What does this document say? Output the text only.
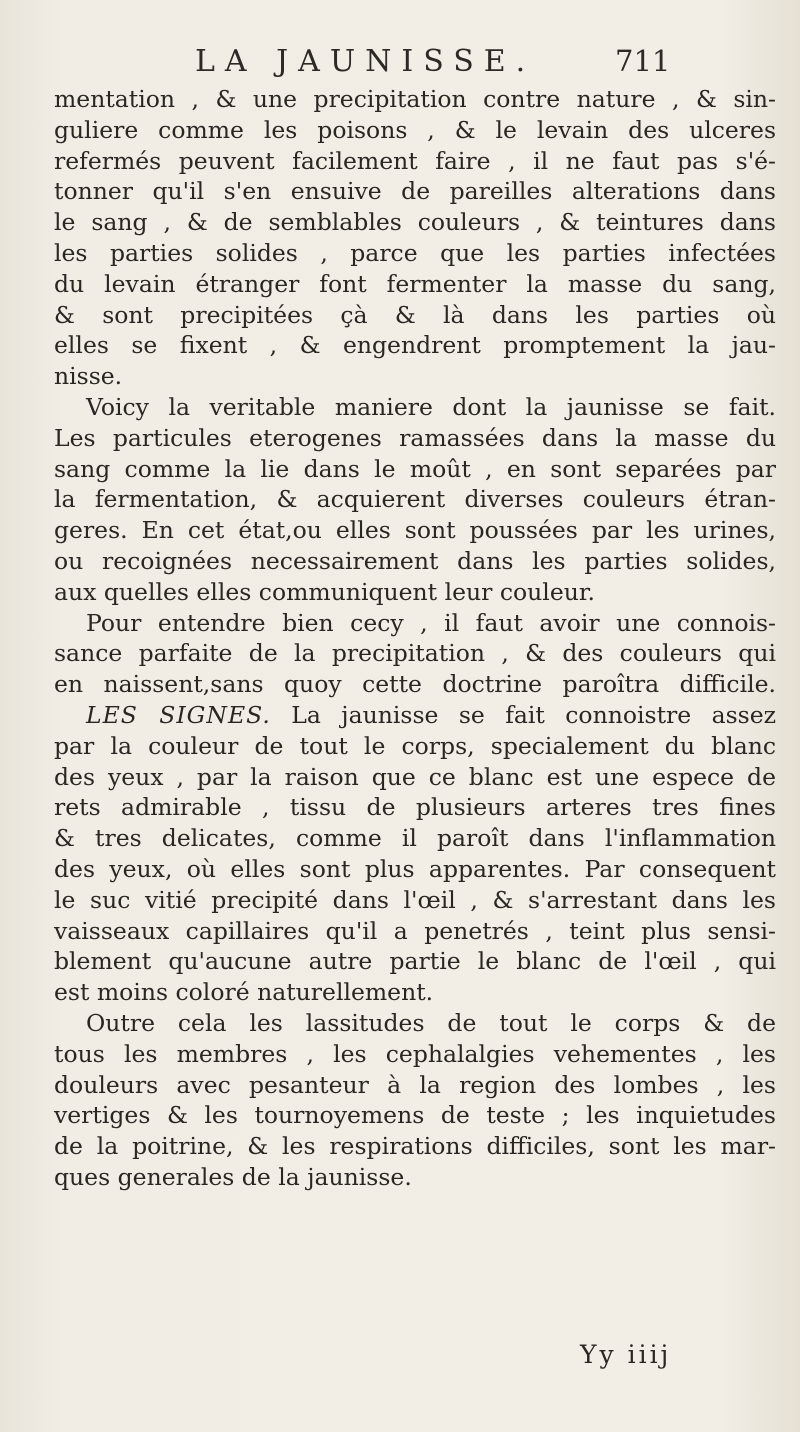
LA JAUNISSE.	711
mentation , & une precipitation contre nature , & sin-
guliere comme les poisons , & le levain des ulceres
refermés peuvent facilement faire , il ne faut pas s'é-
tonner qu'il s'en ensuive de pareilles alterations dans
le sang , & de semblables couleurs , & teintures dans
les parties solides , parce que les parties infectées
du levain étranger font fermenter la masse du sang,
& sont precipitées çà & là dans les parties où
elles se fixent , & engendrent promptement la jau-
nisse.
Voicy la veritable maniere dont la jaunisse se fait.
Les particules eterogenes ramassées dans la masse du
sang comme la lie dans le moût , en sont separées par
la fermentation, & acquierent diverses couleurs étran-
geres. En cet état,ou elles sont poussées par les urines,
ou recoignées necessairement dans les parties solides,
aux quelles elles communiquent leur couleur.
Pour entendre bien cecy , il faut avoir une connois-
sance parfaite de la precipitation , & des couleurs qui
en naissent,sans quoy cette doctrine paroîtra difficile.
LES SIGNES. La jaunisse se fait connoistre assez
par la couleur de tout le corps, specialement du blanc
des yeux , par la raison que ce blanc est une espece de
rets admirable , tissu de plusieurs arteres tres fines
& tres delicates, comme il paroît dans l'inflammation
des yeux, où elles sont plus apparentes. Par consequent
le suc vitié precipité dans l'œil , & s'arrestant dans les
vaisseaux capillaires qu'il a penetrés , teint plus sensi-
blement qu'aucune autre partie le blanc de l'œil , qui
est moins coloré naturellement.
Outre cela les lassitudes de tout le corps & de
tous les membres , les cephalalgies vehementes , les
douleurs avec pesanteur à la region des lombes , les
vertiges & les tournoyemens de teste ; les inquietudes
de la poitrine, & les respirations difficiles, sont les mar-
ques generales de la jaunisse.
Yy iiij
